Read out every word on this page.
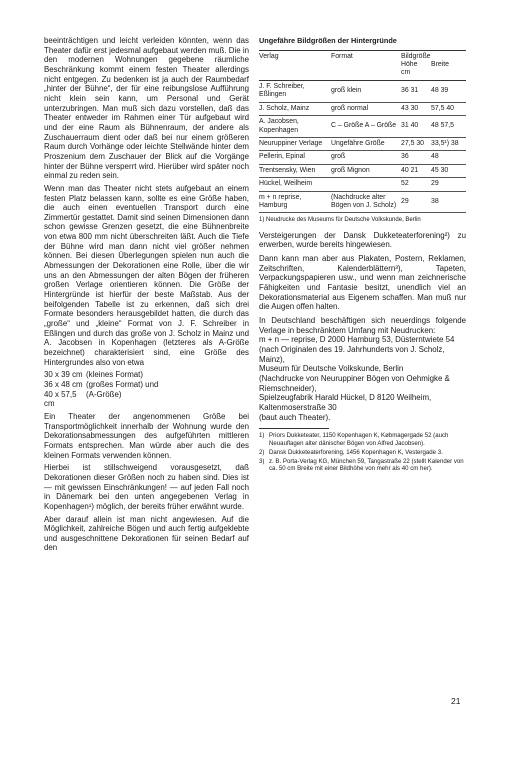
beeinträchtigen und leicht verleiden könnten, wenn das Theater dafür erst jedesmal aufgebaut werden muß. Die in den modernen Wohnungen gegebene räumliche Beschränkung kommt einem festen Theater allerdings nicht entgegen. Zu bedenken ist ja auch der Raumbedarf „hinter der Bühne“, der für eine reibungslose Aufführung nicht klein sein kann, um Personal und Gerät unterzubringen. Man muß sich dazu vorstellen, daß das Theater entweder im Rahmen einer Tür aufgebaut wird und der eine Raum als Bühnenraum, der andere als Zuschauerraum dient oder daß bei nur einem größeren Raum durch Vorhänge oder leichte Stellwände hinter dem Proszenium dem Zuschauer der Blick auf die Vorgänge hinter der Bühne versperrt wird. Hierüber wird später noch einmal zu reden sein.

Wenn man das Theater nicht stets aufgebaut an einem festen Platz belassen kann, sollte es eine Größe haben, die auch einen eventuellen Transport durch eine Zimmertür gestattet. Damit sind seinen Dimensionen dann schon gewisse Grenzen gesetzt, die eine Bühnenbreite von etwa 800 mm nicht überschreiten läßt. Auch die Tiefe der Bühne wird man dann nicht viel größer nehmen können. Bei diesen Überlegungen spielen nun auch die Abmessungen der Dekorationen eine Rolle, über die wir uns an den Abmessungen der alten Bögen der früheren großen Verlage orientieren können. Die Größe der Hintergründe ist hierfür der beste Maßstab. Aus der beifolgenden Tabelle ist zu erkennen, daß sich drei Formate besonders herausgebildet hatten, die durch das „große“ und „kleine“ Format von J. F. Schreiber in Eßlingen und durch das große von J. Scholz in Mainz und A. Jacobsen in Kopenhagen (letzteres als A-Größe bezeichnet) charakterisiert sind, eine Größe des Hintergrundes also von etwa

30 x 39 cm (kleines Format)
36 x 48 cm (großes Format) und
40 x 57,5 cm
(A-Größe)

Ein Theater der angenommenen Größe bei Transportmöglichkeit innerhalb der Wohnung wurde den Dekorationsabmessungen des aufgeführten mittleren Formats entsprechen. Man würde aber auch die des kleinen Formats verwenden können.

Hierbei ist stillschweigend vorausgesetzt, daß Dekorationen dieser Größen noch zu haben sind. Dies ist — mit gewissen Einschränkungen! — auf jeden Fall noch in Dänemark bei den unten angegebenen Verlag in Kopenhagen¹) möglich, der bereits früher erwähnt wurde.

Aber darauf allein ist man nicht angewiesen. Auf die Möglichkeit, zahlreiche Bögen und auch fertig aufgeklebte und ausgeschnittene Dekorationen für seinen Bedarf auf den

Ungefähre Bildgrößen der Hintergründe
Verlag	Format	Bildgröße
Höhe Breite
cm	

J. F. Schreiber, Eßlingen	groß klein	36 31	48 39
J. Scholz, Mainz	groß normal	43 30	57,5 40
A. Jacobsen, Kopenhagen	C – Größe A – Größe	31 40	48 57,5
Neuruppiner Verlage	Ungefähre Größe	27,5 30	33,5¹) 38
Pellerin, Epinal	groß	36	48
Trentsensky, Wien	groß Mignon	40 21	45 30
Hückel, Weilheim		52	29
m + n reprise, Hamburg	(Nachdrucke alter Bögen von J. Scholz)	29	38
1) Neudrucke des Museums für Deutsche Volkskunde, Berlin

Versteigerungen der Dansk Dukketeaterforening²) zu erwerben, wurde bereits hingewiesen.

Dann kann man aber aus Plakaten, Postern, Reklamen, Zeitschriften, Kalenderblättern³), Tapeten, Verpackungspapieren usw., und wenn man zeichnerische Fähigkeiten und Fantasie besitzt, unendlich viel an Dekorationsmaterial aus Eigenem schaffen. Man muß nur die Augen offen halten.

In Deutschland beschäftigen sich neuerdings folgende Verlage in beschränktem Umfang mit Neudrucken:

m + n — reprise, D 2000 Hamburg 53, Düsterntwiete 54

(nach Originalen des 19. Jahrhunderts von J. Scholz, Mainz),

Museum für Deutsche Volkskunde, Berlin

(Nachdrucke von Neuruppiner Bögen von Oehmigke & Riemschneider),

Spielzeugfabrik Harald Hückel, D 8120 Weilheim, Kaltenmoserstraße 30

(baut auch Theater).

1) Priors Dukketeater, 1150 Kopenhagen K, Købmagergade 52 (auch Neuauflagen alter dänischer Bögen von Alfred Jacobsen).
2) Dansk Dukketeaterforening, 1456 Kopenhagen K, Vestergade 3.
3) z. B. Porta-Verlag KG, München 59, Tangastraße 22 (stellt Kalender von ca. 50 cm Breite mit einer Bildhöhe von mehr als 40 cm her).
21
